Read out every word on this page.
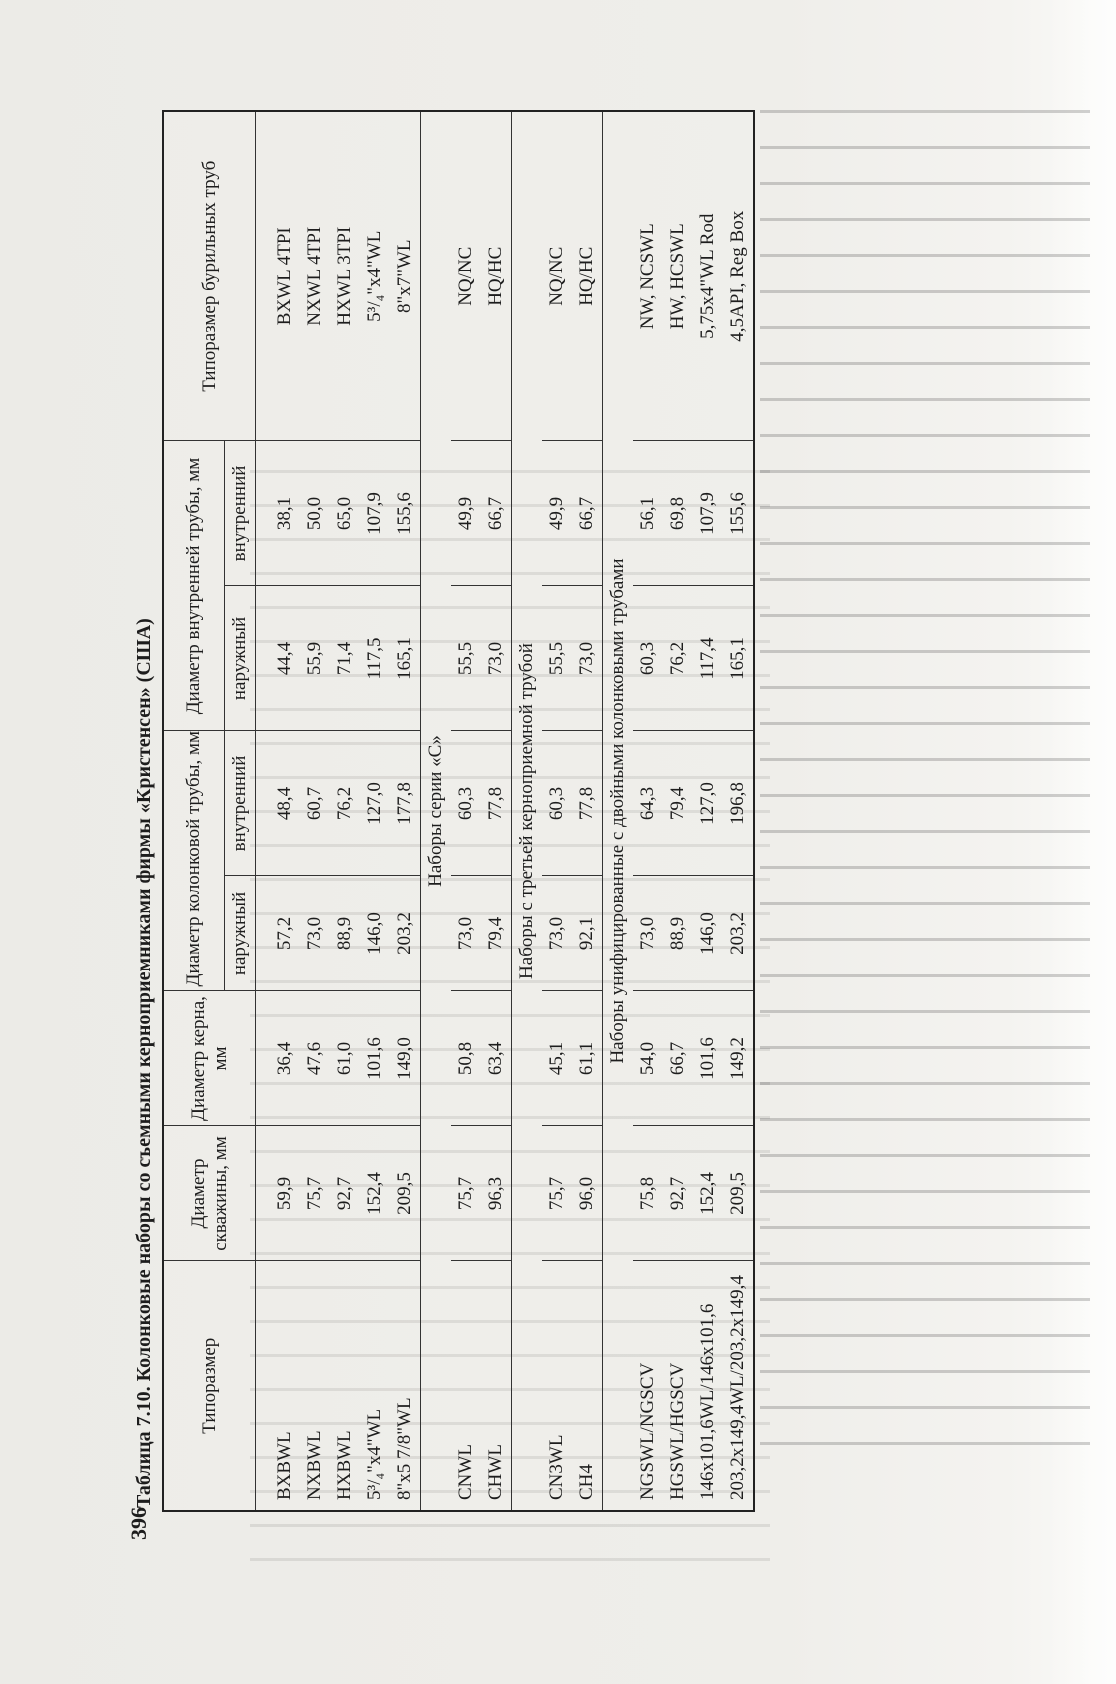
396
Таблица 7.10. Колонковые наборы со съемными керноприемниками фирмы «Кристенсен» (США)	Типоразмер	Диаметр скважины, мм	Диаметр керна, мм	Диаметр колонковой трубы, мм		Диаметр внутренней трубы, мм		Типоразмер бурильных труб
			наружный	внутренний	наружный	внутренний	

BXBWL	59,9	36,4	57,2	48,4	44,4	38,1	BXWL 4TPI
NXBWL	75,7	47,6	73,0	60,7	55,9	50,0	NXWL 4TPI
HXBWL	92,7	61,0	88,9	76,2	71,4	65,0	HXWL 3TPI
5³/₄"x4"WL	152,4	101,6	146,0	127,0	117,5	107,9	5³/₄"x4"WL
8"x5 7/8"WL	209,5	149,0	203,2	177,8	165,1	155,6	8"x7"WL
Наборы серии «С»							
CNWL	75,7	50,8	73,0	60,3	55,5	49,9	NQ/NC
CHWL	96,3	63,4	79,4	77,8	73,0	66,7	HQ/HC
Наборы с третьей керноприемной трубой							
CN3WL	75,7	45,1	73,0	60,3	55,5	49,9	NQ/NC
CH4	96,0	61,1	92,1	77,8	73,0	66,7	HQ/HC
Наборы унифицированные с двойными колонковыми трубами							
NGSWL/NGSCV	75,8	54,0	73,0	64,3	60,3	56,1	NW, NCSWL
HGSWL/HGSCV	92,7	66,7	88,9	79,4	76,2	69,8	HW, HCSWL
146x101,6WL/146x101,6	152,4	101,6	146,0	127,0	117,4	107,9	5,75x4"WL Rod
203,2x149,4WL/203,2x149,4	209,5	149,2	203,2	196,8	165,1	155,6	4,5API, Reg Box
